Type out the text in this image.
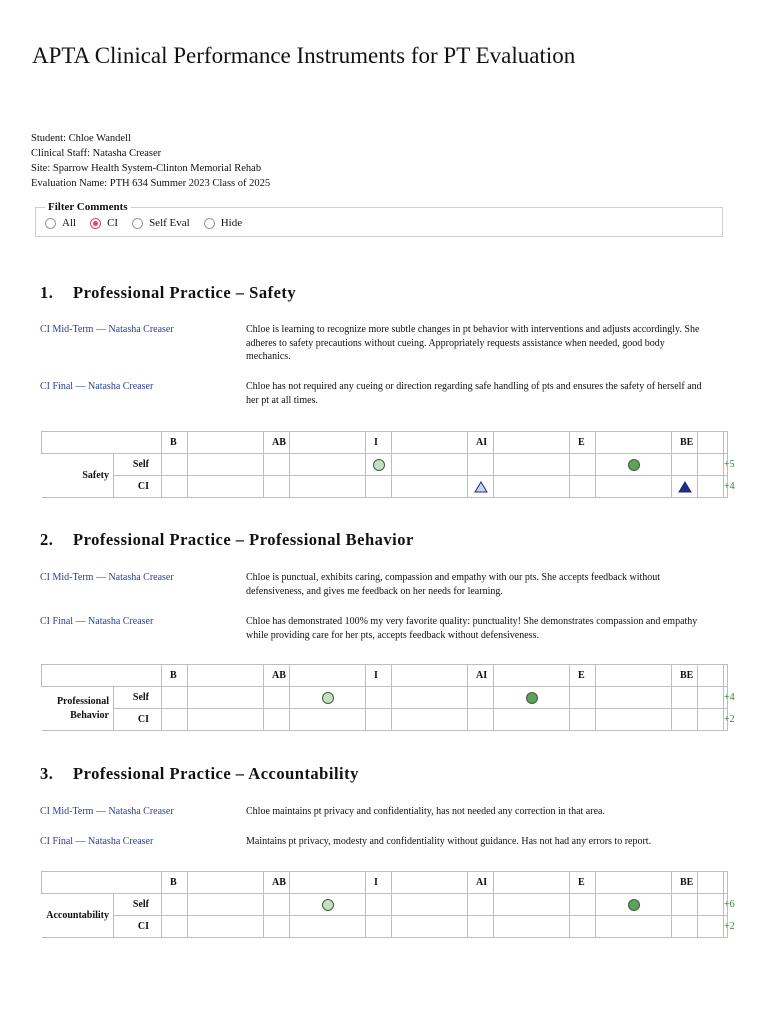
APTA Clinical Performance Instruments for PT Evaluation
Student: Chloe Wandell
Clinical Staff: Natasha Creaser
Site: Sparrow Health System-Clinton Memorial Rehab
Evaluation Name: PTH 634 Summer 2023 Class of 2025
Filter Comments
All	CI	Self Eval	Hide
1. Professional Practice – Safety
CI Mid-Term — Natasha Creaser	Chloe is learning to recognize more subtle changes in pt behavior with interventions and adjusts accordingly. She adheres to safety precautions without cueing. Appropriately requests assistance when needed, good body mechanics.
CI Final — Natasha Creaser	Chloe has not required any cueing or direction regarding safe handling of pts and ensures the safety of herself and her pt at all times.
		B		AB		I		AI		E		BE		
Safety	Self													+5
	CI													+4
2. Professional Practice – Professional Behavior
CI Mid-Term — Natasha Creaser	Chloe is punctual, exhibits caring, compassion and empathy with our pts. She accepts feedback without defensiveness, and gives me feedback on her needs for learning.
CI Final — Natasha Creaser	Chloe has demonstrated 100% my very favorite quality: punctuality! She demonstrates compassion and empathy while providing care for her pts, accepts feedback without defensiveness.
		B		AB		I		AI		E		BE		
Professional Behavior	Self													+4
	CI													+2
3. Professional Practice – Accountability
CI Mid-Term — Natasha Creaser	Chloe maintains pt privacy and confidentiality, has not needed any correction in that area.
CI Final — Natasha Creaser	Maintains pt privacy, modesty and confidentiality without guidance. Has not had any errors to report.
		B		AB		I		AI		E		BE		
Accountability	Self													+6
	CI													+2
